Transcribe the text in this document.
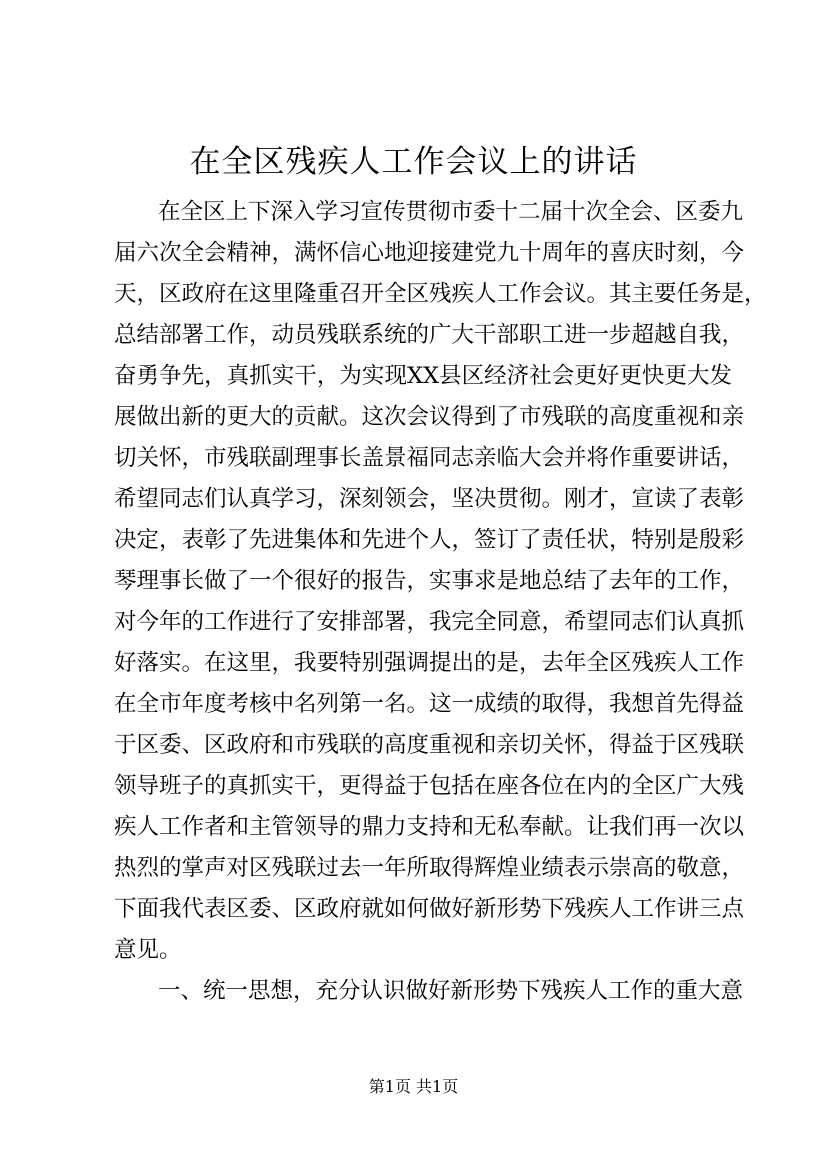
在全区残疾人工作会议上的讲话
在全区上下深入学习宣传贯彻市委十二届十次全会、区委九
届六次全会精神，满怀信心地迎接建党九十周年的喜庆时刻，今
天，区政府在这里隆重召开全区残疾人工作会议。其主要任务是，
总结部署工作，动员残联系统的广大干部职工进一步超越自我，
奋勇争先，真抓实干，为实现XX县区经济社会更好更快更大发
展做出新的更大的贡献。这次会议得到了市残联的高度重视和亲
切关怀，市残联副理事长盖景福同志亲临大会并将作重要讲话，
希望同志们认真学习，深刻领会，坚决贯彻。刚才，宣读了表彰
决定，表彰了先进集体和先进个人，签订了责任状，特别是殷彩
琴理事长做了一个很好的报告，实事求是地总结了去年的工作，
对今年的工作进行了安排部署，我完全同意，希望同志们认真抓
好落实。在这里，我要特别强调提出的是，去年全区残疾人工作
在全市年度考核中名列第一名。这一成绩的取得，我想首先得益
于区委、区政府和市残联的高度重视和亲切关怀，得益于区残联
领导班子的真抓实干，更得益于包括在座各位在内的全区广大残
疾人工作者和主管领导的鼎力支持和无私奉献。让我们再一次以
热烈的掌声对区残联过去一年所取得辉煌业绩表示崇高的敬意，
下面我代表区委、区政府就如何做好新形势下残疾人工作讲三点
意见。
一、统一思想，充分认识做好新形势下残疾人工作的重大意
第1页 共1页
